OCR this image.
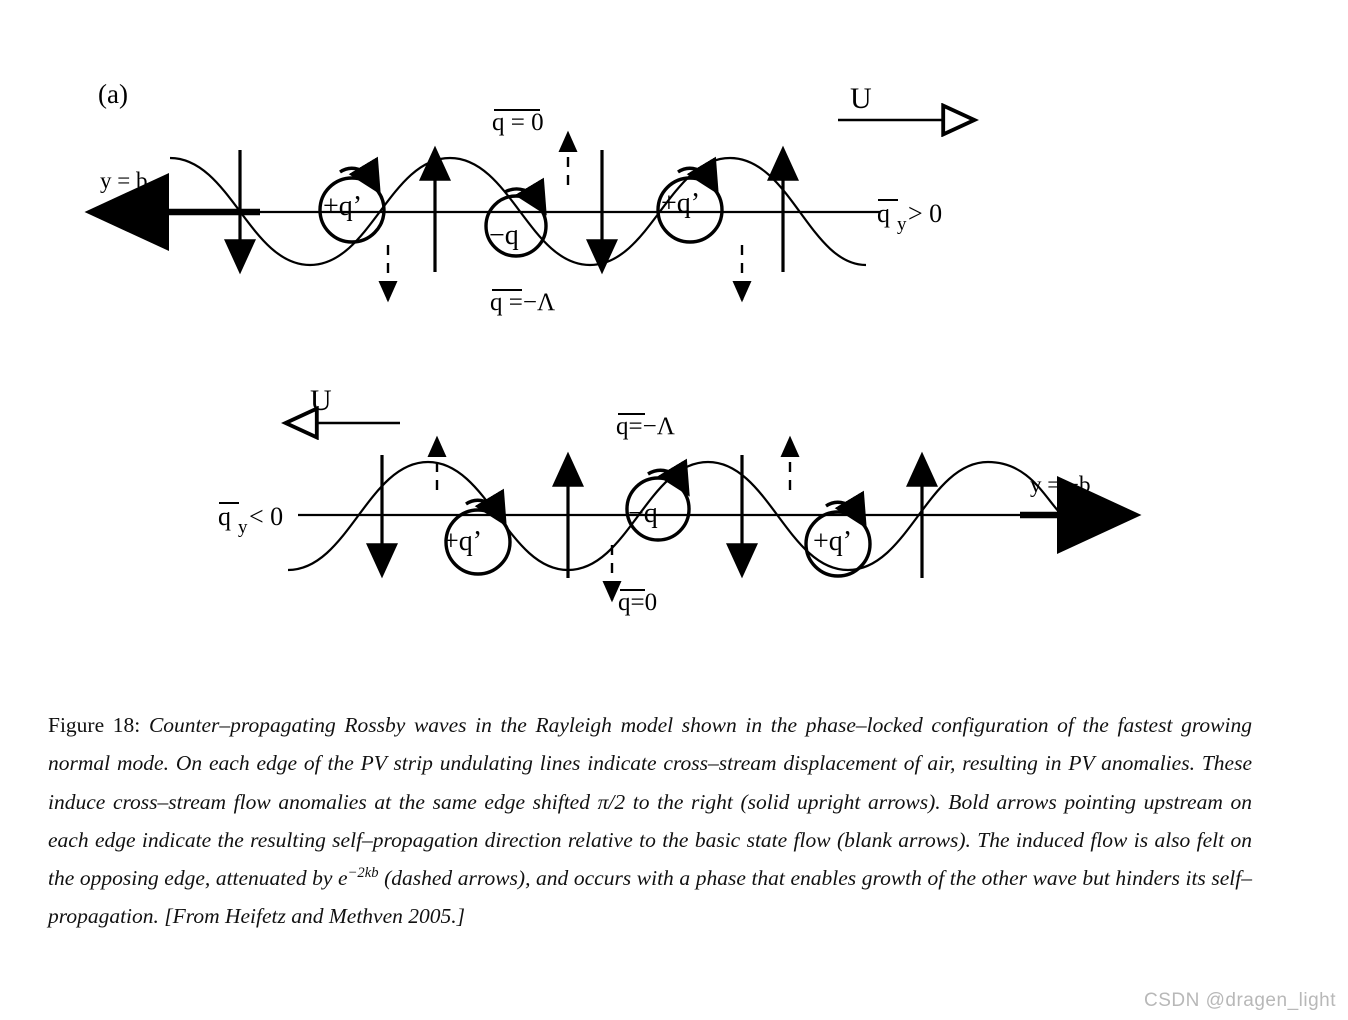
(a)	U
q = 0
q =−Λ
y = b
q y > 0
+q’
−q
+q’
U
q=−Λ
q=0
y = −b
q y < 0
+q’
−q
+q’
Figure 18: Counter–propagating Rossby waves in the Rayleigh model shown in the phase–locked configuration of the fastest growing normal mode. On each edge of the PV strip undulating lines indicate cross–stream displacement of air, resulting in PV anomalies. These induce cross–stream flow anomalies at the same edge shifted π/2 to the right (solid upright arrows). Bold arrows pointing upstream on each edge indicate the resulting self–propagation direction relative to the basic state flow (blank arrows). The induced flow is also felt on the opposing edge, attenuated by $e^{-2kb}$ (dashed arrows), and occurs with a phase that enables growth of the other wave but hinders its self–propagation. [From Heifetz and Methven 2005.]
CSDN @dragen_light
